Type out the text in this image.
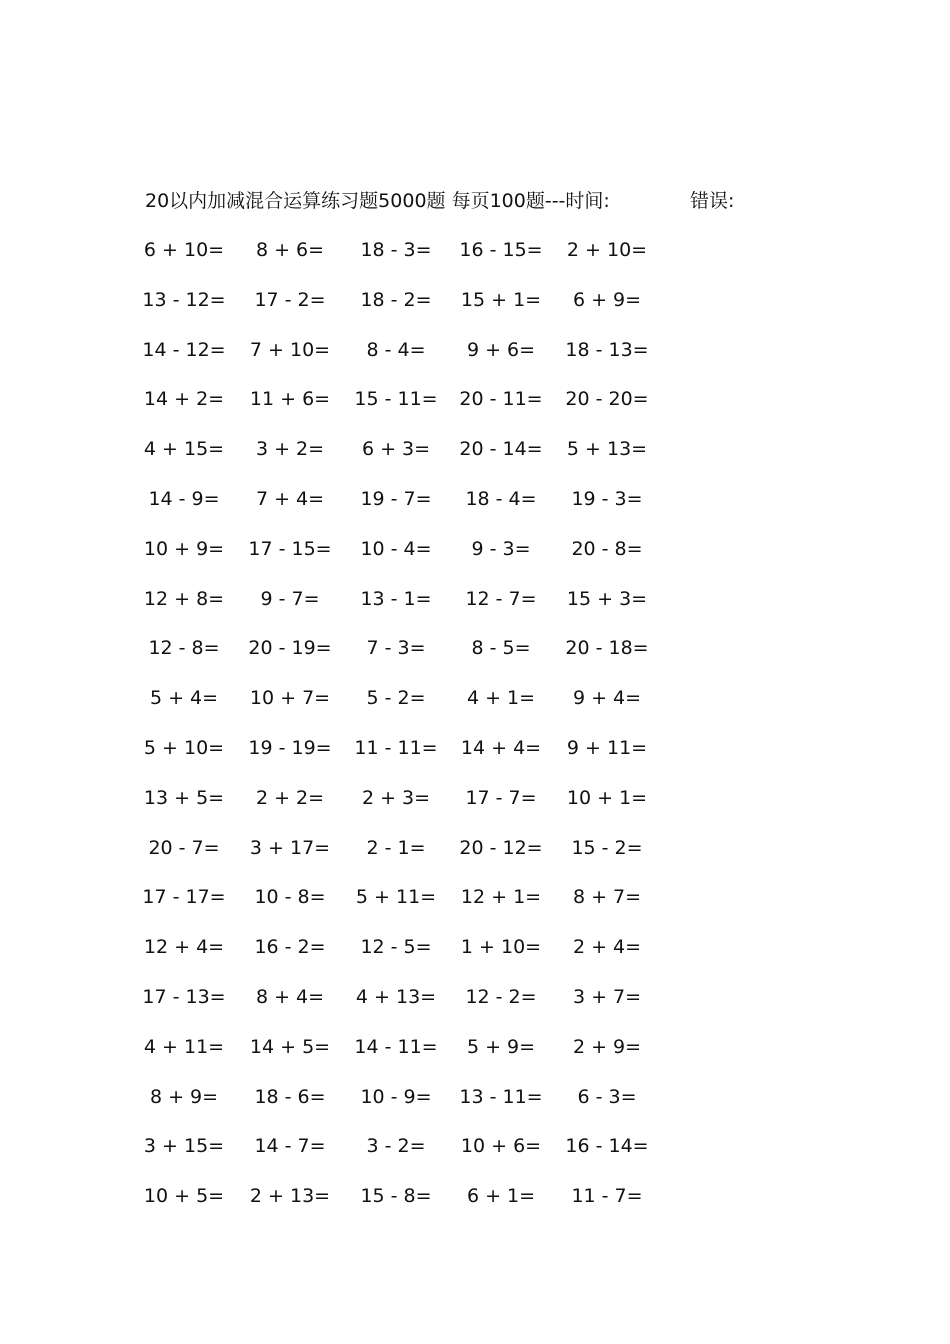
20以内加减混合运算练习题5000题 每页100题---时间:	错误:
6 + 10=	8 + 6=	18 - 3=	16 - 15=	2 + 10=
13 - 12=	17 - 2=	18 - 2=	15 + 1=	6 + 9=
14 - 12=	7 + 10=	8 - 4=	9 + 6=	18 - 13=
14 + 2=	11 + 6=	15 - 11=	20 - 11=	20 - 20=
4 + 15=	3 + 2=	6 + 3=	20 - 14=	5 + 13=
14 - 9=	7 + 4=	19 - 7=	18 - 4=	19 - 3=
10 + 9=	17 - 15=	10 - 4=	9 - 3=	20 - 8=
12 + 8=	9 - 7=	13 - 1=	12 - 7=	15 + 3=
12 - 8=	20 - 19=	7 - 3=	8 - 5=	20 - 18=
5 + 4=	10 + 7=	5 - 2=	4 + 1=	9 + 4=
5 + 10=	19 - 19=	11 - 11=	14 + 4=	9 + 11=
13 + 5=	2 + 2=	2 + 3=	17 - 7=	10 + 1=
20 - 7=	3 + 17=	2 - 1=	20 - 12=	15 - 2=
17 - 17=	10 - 8=	5 + 11=	12 + 1=	8 + 7=
12 + 4=	16 - 2=	12 - 5=	1 + 10=	2 + 4=
17 - 13=	8 + 4=	4 + 13=	12 - 2=	3 + 7=
4 + 11=	14 + 5=	14 - 11=	5 + 9=	2 + 9=
8 + 9=	18 - 6=	10 - 9=	13 - 11=	6 - 3=
3 + 15=	14 - 7=	3 - 2=	10 + 6=	16 - 14=
10 + 5=	2 + 13=	15 - 8=	6 + 1=	11 - 7=
